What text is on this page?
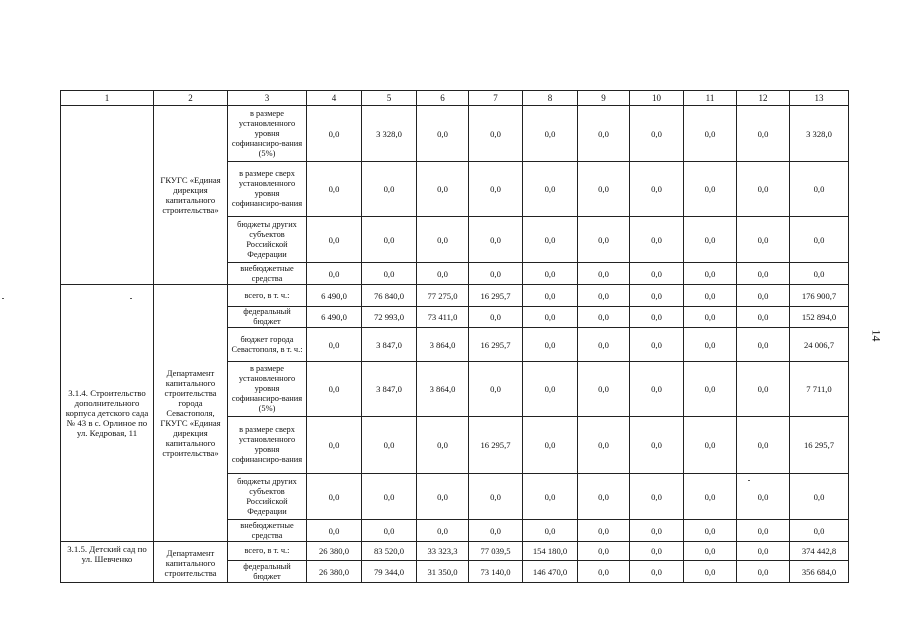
1	2	3	4	5	6	7	8	9	10	11	12	13
	ГКУГС «Единая дирекция капитального строительства»	в размере установленного уровня софинансиро-вания (5%)	0,0	3 328,0	0,0	0,0	0,0	0,0	0,0	0,0	0,0	3 328,0
		в размере сверх установленного уровня софинансиро-вания	0,0	0,0	0,0	0,0	0,0	0,0	0,0	0,0	0,0	0,0
		бюджеты других субъектов Российской Федерации	0,0	0,0	0,0	0,0	0,0	0,0	0,0	0,0	0,0	0,0
		внебюджетные средства	0,0	0,0	0,0	0,0	0,0	0,0	0,0	0,0	0,0	0,0
3.1.4. Строительство дополнительного корпуса детского сада № 43 в с. Орлиное по ул. Кедровая, 11	Департамент капитального строительства города Севастополя, ГКУГС «Единая дирекция капитального строительства»	всего, в т. ч.:	6 490,0	76 840,0	77 275,0	16 295,7	0,0	0,0	0,0	0,0	0,0	176 900,7
		федеральный бюджет	6 490,0	72 993,0	73 411,0	0,0	0,0	0,0	0,0	0,0	0,0	152 894,0
		бюджет города Севастополя, в т. ч.:	0,0	3 847,0	3 864,0	16 295,7	0,0	0,0	0,0	0,0	0,0	24 006,7
		в размере установленного уровня софинансиро-вания (5%)	0,0	3 847,0	3 864,0	0,0	0,0	0,0	0,0	0,0	0,0	7 711,0
		в размере сверх установленного уровня софинансиро-вания	0,0	0,0	0,0	16 295,7	0,0	0,0	0,0	0,0	0,0	16 295,7
		бюджеты других субъектов Российской Федерации	0,0	0,0	0,0	0,0	0,0	0,0	0,0	0,0	0,0	0,0
		внебюджетные средства	0,0	0,0	0,0	0,0	0,0	0,0	0,0	0,0	0,0	0,0
3.1.5. Детский сад по ул. Шевченко	Департамент капитального строительства	всего, в т. ч.:	26 380,0	83 520,0	33 323,3	77 039,5	154 180,0	0,0	0,0	0,0	0,0	374 442,8
		федеральный бюджет	26 380,0	79 344,0	31 350,0	73 140,0	146 470,0	0,0	0,0	0,0	0,0	356 684,0
14
